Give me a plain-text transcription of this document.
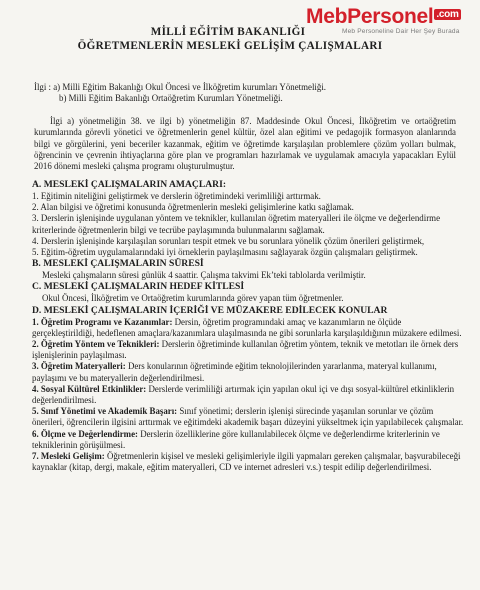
MebPersonel $^{.com}$
Meb Personeline Dair Her Şey Burada
MİLLİ EĞİTİM BAKANLIĞI
ÖĞRETMENLERİN MESLEKİ GELİŞİM ÇALIŞMALARI
İlgi : a) Milli Eğitim Bakanlığı Okul Öncesi ve İlköğretim kurumları Yönetmeliği.
b) Milli Eğitim Bakanlığı Ortaöğretim Kurumları Yönetmeliği.

İlgi a) yönetmeliğin 38. ve ilgi b) yönetmeliğin 87. Maddesinde Okul Öncesi, İlköğretim ve ortaöğretim kurumlarında görevli yönetici ve öğretmenlerin genel kültür, özel alan eğitimi ve pedagojik formasyon alanlarında bilgi ve görgülerini, yeni beceriler kazanmak, eğitim ve öğretimde karşılaşılan problemlere çözüm yolları bulmak, öğrencinin ve çevrenin ihtiyaçlarına göre plan ve programları hazırlamak ve uygulamak amacıyla yapacakları Eylül 2016 dönemi mesleki çalışma programı oluşturulmuştur.

A. MESLEKİ ÇALIŞMALARIN AMAÇLARI:

1. Eğitimin niteliğini geliştirmek ve derslerin öğretimindeki verimliliği arttırmak.

2. Alan bilgisi ve öğretimi konusunda öğretmenlerin mesleki gelişimlerine katkı sağlamak.

3. Derslerin işlenişinde uygulanan yöntem ve teknikler, kullanılan öğretim materyalleri ile ölçme ve değerlendirme kriterlerinde öğretmenlerin bilgi ve tecrübe paylaşımında bulunmalarını sağlamak.

4. Derslerin işlenişinde karşılaşılan sorunları tespit etmek ve bu sorunlara yönelik çözüm önerileri geliştirmek,

5. Eğitim-öğretim uygulamalarındaki iyi örneklerin paylaşılmasını sağlayarak özgün çalışmaları geliştirmek.

B. MESLEKİ ÇALIŞMALARIN SÜRESİ

Mesleki çalışmaların süresi günlük 4 saattir. Çalışma takvimi Ek’teki tablolarda verilmiştir.

C. MESLEKİ ÇALIŞMALARIN HEDEF KİTLESİ

Okul Öncesi, İlköğretim ve Ortaöğretim kurumlarında görev yapan tüm öğretmenler.

D. MESLEKİ ÇALIŞMALARIN İÇERİĞİ VE MÜZAKERE EDİLECEK KONULAR

1. Öğretim Programı ve Kazanımlar: Dersin, öğretim programındaki amaç ve kazanımların ne ölçüde gerçekleştirildiği, hedeflenen amaçlara/kazanımlara ulaşılmasında ne gibi sorunlarla karşılaşıldığının müzakere edilmesi.

2. Öğretim Yöntem ve Teknikleri: Derslerin öğretiminde kullanılan öğretim yöntem, teknik ve metotları ile örnek ders işlenişlerinin paylaşılması.

3. Öğretim Materyalleri: Ders konularının öğretiminde eğitim teknolojilerinden yararlanma, materyal kullanımı, paylaşımı ve bu materyallerin değerlendirilmesi.

4. Sosyal Kültürel Etkinlikler: Derslerde verimliliği artırmak için yapılan okul içi ve dışı sosyal-kültürel etkinliklerin değerlendirilmesi.

5. Sınıf Yönetimi ve Akademik Başarı: Sınıf yönetimi; derslerin işlenişi sürecinde yaşanılan sorunlar ve çözüm önerileri, öğrencilerin ilgisini arttırmak ve eğitimdeki akademik başarı düzeyini yükseltmek için yapılabilecek çalışmalar.

6. Ölçme ve Değerlendirme: Derslerin özelliklerine göre kullanılabilecek ölçme ve değerlendirme kriterlerinin ve tekniklerinin görüşülmesi.

7. Mesleki Gelişim: Öğretmenlerin kişisel ve mesleki gelişimleriyle ilgili yapmaları gereken çalışmalar, başvurabileceği kaynaklar (kitap, dergi, makale, eğitim materyalleri, CD ve internet adresleri v.s.) tespit edilip değerlendirilmesi.
